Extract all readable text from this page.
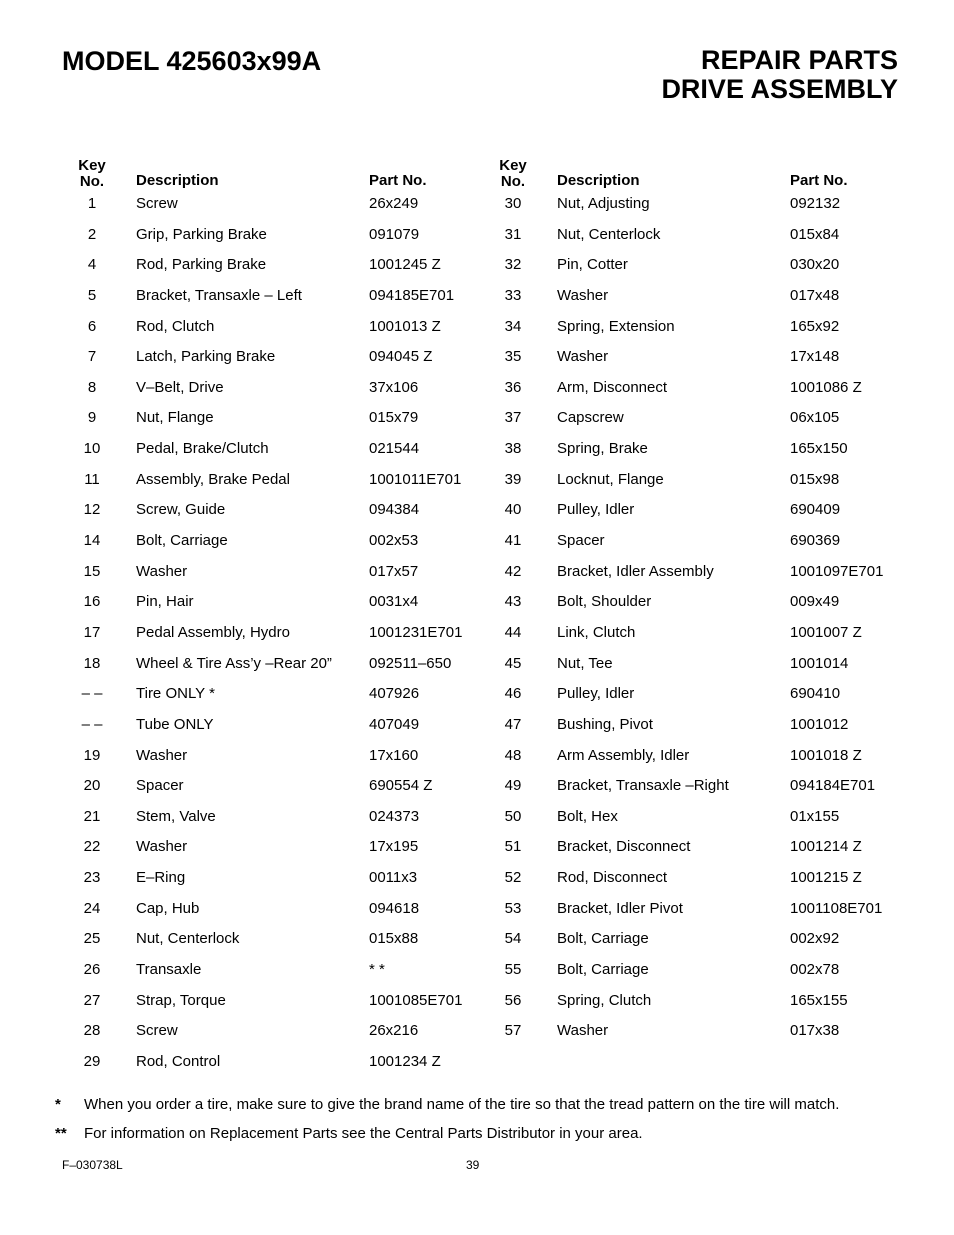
MODEL 425603x99A	REPAIR PARTS
DRIVE ASSEMBLY
Key
No.	Description	Part No.
1	Screw	26x249
2	Grip, Parking Brake	091079
4	Rod, Parking Brake	1001245 Z
5	Bracket, Transaxle – Left	094185E701
6	Rod, Clutch	1001013 Z
7	Latch, Parking Brake	094045 Z
8	V–Belt, Drive	37x106
9	Nut, Flange	015x79
10	Pedal, Brake/Clutch	021544
11	Assembly, Brake Pedal	1001011E701
12	Screw, Guide	094384
14	Bolt, Carriage	002x53
15	Washer	017x57
16	Pin, Hair	0031x4
17	Pedal Assembly, Hydro	1001231E701
18	Wheel & Tire Ass’y –Rear 20” 092511–650
– –	Tire ONLY *	407926
– –	Tube ONLY	407049
19	Washer	17x160
20	Spacer	690554 Z
21	Stem, Valve	024373
22	Washer	17x195
23	E–Ring	0011x3
24	Cap, Hub	094618
25	Nut, Centerlock	015x88
26	Transaxle	* *
27	Strap, Torque	1001085E701
28	Screw	26x216
29	Rod, Control	1001234 Z
Key
No.	Description	Part No.
30	Nut, Adjusting	092132
31	Nut, Centerlock	015x84
32	Pin, Cotter	030x20
33	Washer	017x48
34	Spring, Extension	165x92
35	Washer	17x148
36	Arm, Disconnect	1001086 Z
37	Capscrew	06x105
38	Spring, Brake	165x150
39	Locknut, Flange	015x98
40	Pulley, Idler	690409
41	Spacer	690369
42	Bracket, Idler Assembly	1001097E701
43	Bolt, Shoulder	009x49
44	Link, Clutch	1001007 Z
45	Nut, Tee	1001014
46	Pulley, Idler	690410
47	Bushing, Pivot	1001012
48	Arm Assembly, Idler	1001018 Z
49	Bracket, Transaxle –Right	094184E701
50	Bolt, Hex	01x155
51	Bracket, Disconnect	1001214 Z
52	Rod, Disconnect	1001215 Z
53	Bracket, Idler Pivot	1001108E701
54	Bolt, Carriage	002x92
55	Bolt, Carriage	002x78
56	Spring, Clutch	165x155
57	Washer	017x38
* When you order a tire, make sure to give the brand name of the tire so that the tread pattern on the tire will match.
** For information on Replacement Parts see the Central Parts Distributor in your area.
F–030738L	39
